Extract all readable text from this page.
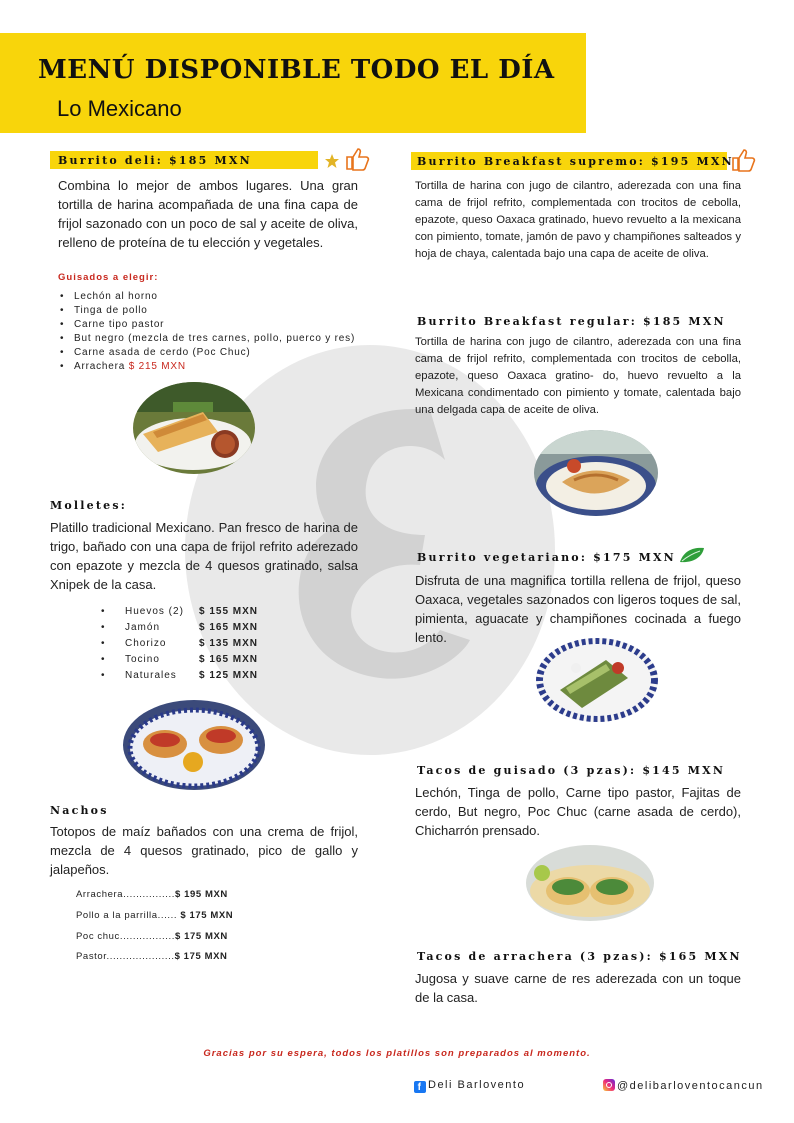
MENÚ DISPONIBLE TODO EL DÍA
Lo Mexicano
Burrito deli: $185 MXN
Combina lo mejor de ambos lugares. Una gran tortilla de harina acompañada de una fina capa de frijol sazonado con un poco de sal y aceite de oliva, relleno de proteína de tu elección y vegetales.
Guisados a elegir:
• Lechón al horno
• Tinga de pollo
• Carne tipo pastor
• But negro (mezcla de tres carnes, pollo, puerco y res)
• Carne asada de cerdo (Poc Chuc)
• Arrachera $ 215 MXN
Molletes:
Platillo tradicional Mexicano. Pan fresco de harina de trigo, bañado con una capa de frijol refrito aderezado con epazote y mezcla de 4 quesos gratinado, salsa Xnipek de la casa.
• Huevos (2) $ 155 MXN
• Jamón	$ 165 MXN
• Chorizo	$ 135 MXN
• Tocino	$ 165 MXN
• Naturales $ 125 MXN
Nachos
Totopos de maíz bañados con una crema de frijol, mezcla de 4 quesos gratinado, pico de gallo y jalapeños.
Arrachera................$ 195 MXN
Pollo a la parrilla...... $ 175 MXN
Poc chuc.................$ 175 MXN
Pastor.....................$ 175 MXN
Burrito Breakfast supremo: $195 MXN
Tortilla de harina con jugo de cilantro, aderezada con una fina cama de frijol refrito, complementada con trocitos de cebolla, epazote, queso Oaxaca gratinado, huevo revuelto a la mexicana con pimiento, tomate, jamón de pavo y champiñones salteados y hoja de chaya, calentada bajo una capa de aceite de oliva.
Burrito Breakfast regular: $185 MXN
Tortilla de harina con jugo de cilantro, aderezada con una fina cama de frijol refrito, complementada con trocitos de cebolla, epazote, queso Oaxaca gratino- do, huevo revuelto a la Mexicana condimentado con pimiento y tomate, calentada bajo una delgada capa de aceite de oliva.
Burrito vegetariano: $175 MXN
Disfruta de una magnifica tortilla rellena de frijol, queso Oaxaca, vegetales sazonados con ligeros toques de sal, pimienta, aguacate y champiñones cocinada a fuego lento.
Tacos de guisado (3 pzas): $145 MXN
Lechón, Tinga de pollo, Carne tipo pastor, Fajitas de cerdo, But negro, Poc Chuc (carne asada de cerdo), Chicharrón prensado.
Tacos de arrachera (3 pzas): $165 MXN
Jugosa y suave carne de res aderezada con un toque de la casa.
Gracias por su espera, todos los platillos son preparados al momento.
f Deli Barlovento	@delibarloventocancun
